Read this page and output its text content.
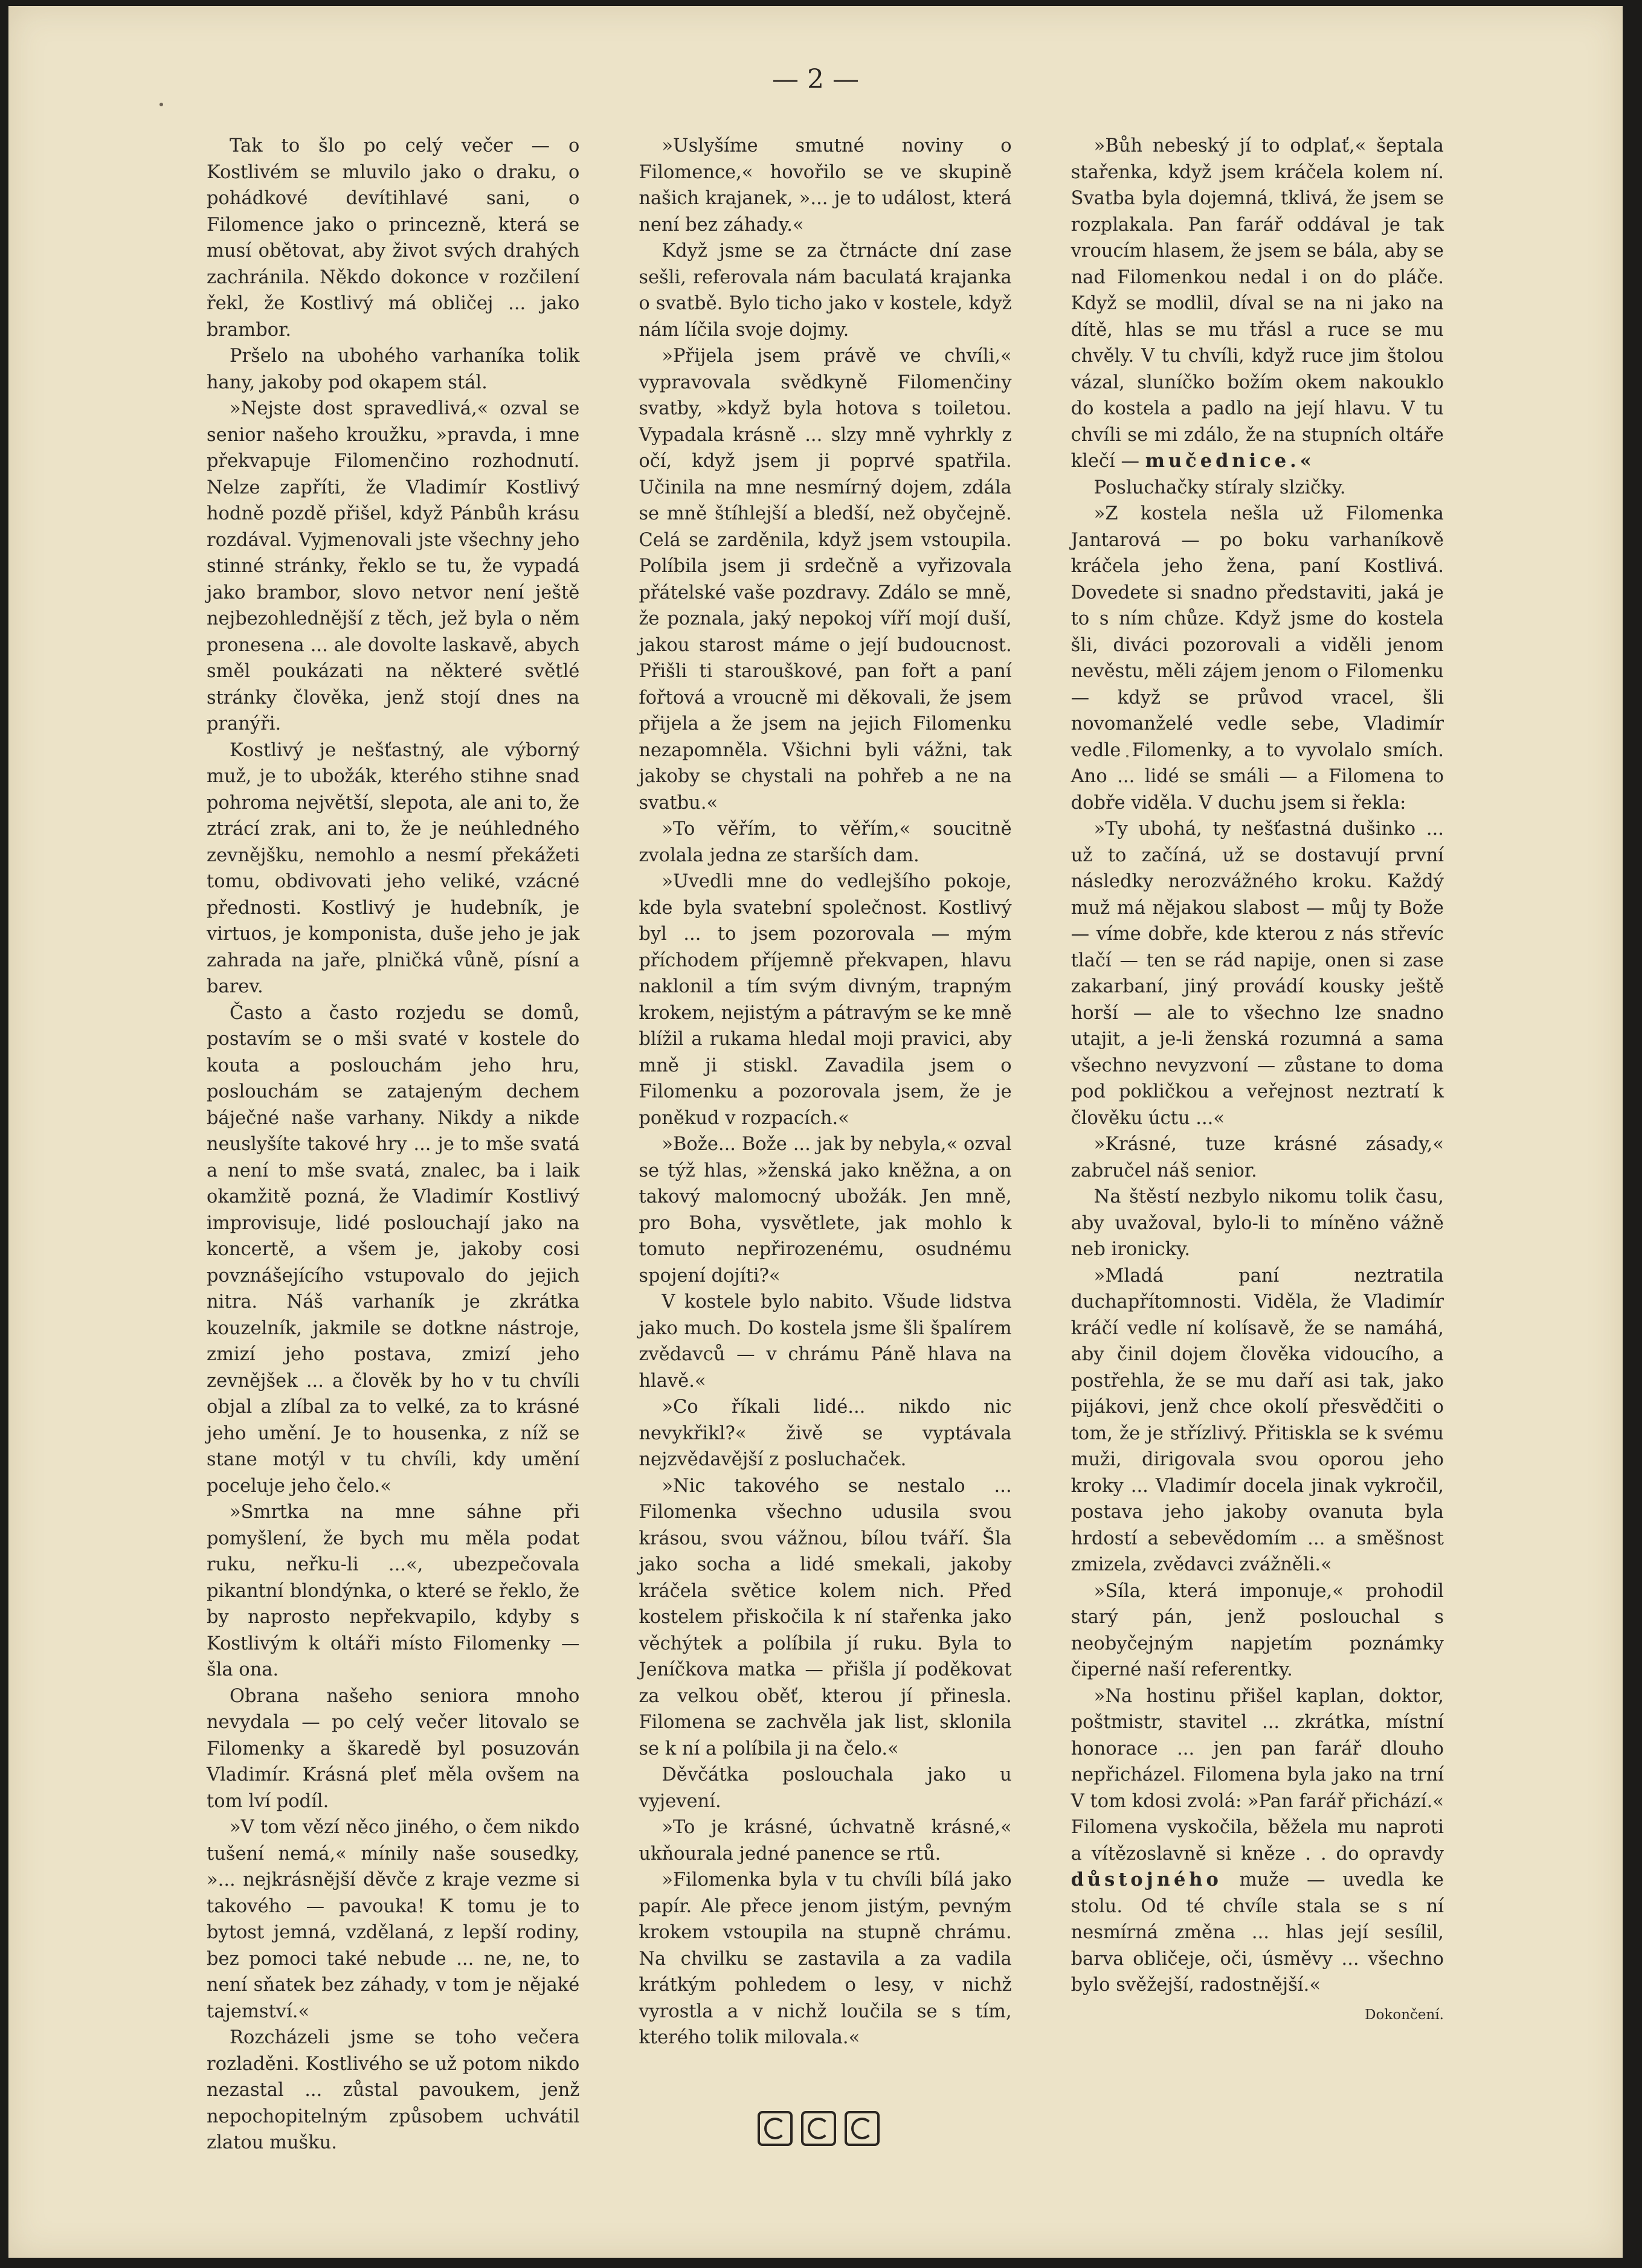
— 2 —

Tak to šlo po celý večer — o Kostlivém se mluvilo jako o draku, o pohádkové devítihlavé sani, o Filomence jako o princezně, která se musí obětovat, aby život svých drahých zachránila. Někdo dokonce v rozčilení řekl, že Kostlivý má obličej ... jako brambor.

Pršelo na ubohého varhaníka tolik hany, jakoby pod okapem stál.

»Nejste dost spravedlivá,« ozval se senior našeho kroužku, »pravda, i mne překvapuje Filomenčino rozhodnutí. Nelze zapříti, že Vladimír Kostlivý hodně pozdě přišel, když Pánbůh krásu rozdával. Vyjmenovali jste všechny jeho stinné stránky, řeklo se tu, že vypadá jako brambor, slovo netvor není ještě nejbezohlednější z těch, jež byla o něm pronesena ... ale dovolte laskavě, abych směl poukázati na některé světlé stránky člověka, jenž stojí dnes na pranýři.

Kostlivý je nešťastný, ale výborný muž, je to ubožák, kterého stihne snad pohroma největší, slepota, ale ani to, že ztrácí zrak, ani to, že je neúhledného zevnějšku, nemohlo a nesmí překážeti tomu, obdivovati jeho veliké, vzácné přednosti. Kostlivý je hudebník, je virtuos, je komponista, duše jeho je jak zahrada na jaře, plničká vůně, písní a barev.

Často a často rozjedu se domů, postavím se o mši svaté v kostele do kouta a poslouchám jeho hru, poslouchám se zatajeným dechem báječné naše varhany. Nikdy a nikde neuslyšíte takové hry ... je to mše svatá a není to mše svatá, znalec, ba i laik okamžitě pozná, že Vladimír Kostlivý improvisuje, lidé poslouchají jako na koncertě, a všem je, jakoby cosi povznášejícího vstupovalo do jejich nitra. Náš varhaník je zkrátka kouzelník, jakmile se dotkne nástroje, zmizí jeho postava, zmizí jeho zevnějšek ... a člověk by ho v tu chvíli objal a zlíbal za to velké, za to krásné jeho umění. Je to housenka, z níž se stane motýl v tu chvíli, kdy umění poceluje jeho čelo.«

»Smrtka na mne sáhne při pomyšlení, že bych mu měla podat ruku, neřku-li ...«, ubezpečovala pikantní blondýnka, o které se řeklo, že by naprosto nepřekvapilo, kdyby s Kostlivým k oltáři místo Filomenky — šla ona.

Obrana našeho seniora mnoho nevydala — po celý večer litovalo se Filomenky a škaredě byl posuzován Vladimír. Krásná pleť měla ovšem na tom lví podíl.

»V tom vězí něco jiného, o čem nikdo tušení nemá,« mínily naše sousedky, »... nejkrásnější děvče z kraje vezme si takového — pavouka! K tomu je to bytost jemná, vzdělaná, z lepší rodiny, bez pomoci také nebude ... ne, ne, to není sňatek bez záhady, v tom je nějaké tajemství.«

Rozcházeli jsme se toho večera rozladěni. Kostlivého se už potom nikdo nezastal ... zůstal pavoukem, jenž nepochopitelným způsobem uchvátil zlatou mušku.

»Uslyšíme smutné noviny o Filomence,« hovořilo se ve skupině našich krajanek, »... je to událost, která není bez záhady.«

Když jsme se za čtrnácte dní zase sešli, referovala nám baculatá krajanka o svatbě. Bylo ticho jako v kostele, když nám líčila svoje dojmy.

»Přijela jsem právě ve chvíli,« vypravovala svědkyně Filomenčiny svatby, »když byla hotova s toiletou. Vypadala krásně ... slzy mně vyhrkly z očí, když jsem ji poprvé spatřila. Učinila na mne nesmírný dojem, zdála se mně štíhlejší a bledší, než obyčejně. Celá se zarděnila, když jsem vstoupila. Políbila jsem ji srdečně a vyřizovala přátelské vaše pozdravy. Zdálo se mně, že poznala, jaký nepokoj víří mojí duší, jakou starost máme o její budoucnost. Přišli ti starouškové, pan fořt a paní fořtová a vroucně mi děkovali, že jsem přijela a že jsem na jejich Filomenku nezapomněla. Všichni byli vážni, tak jakoby se chystali na pohřeb a ne na svatbu.«

»To věřím, to věřím,« soucitně zvolala jedna ze starších dam.

»Uvedli mne do vedlejšího pokoje, kde byla svatební společnost. Kostlivý byl ... to jsem pozorovala — mým příchodem příjemně překvapen, hlavu naklonil a tím svým divným, trapným krokem, nejistým a pátravým se ke mně blížil a rukama hledal moji pravici, aby mně ji stiskl. Zavadila jsem o Filomenku a pozorovala jsem, že je poněkud v rozpacích.«

»Bože... Bože ... jak by nebyla,« ozval se týž hlas, »ženská jako kněžna, a on takový malomocný ubožák. Jen mně, pro Boha, vysvětlete, jak mohlo k tomuto nepřirozenému, osudnému spojení dojíti?«

V kostele bylo nabito. Všude lidstva jako much. Do kostela jsme šli špalírem zvědavců — v chrámu Páně hlava na hlavě.«

»Co říkali lidé... nikdo nic nevykřikl?« živě se vyptávala nejzvědavější z posluchaček.

»Nic takového se nestalo ... Filomenka všechno udusila svou krásou, svou vážnou, bílou tváří. Šla jako socha a lidé smekali, jakoby kráčela světice kolem nich. Před kostelem přiskočila k ní stařenka jako věchýtek a políbila jí ruku. Byla to Jeníčkova matka — přišla jí poděkovat za velkou oběť, kterou jí přinesla. Filomena se zachvěla jak list, sklonila se k ní a políbila ji na čelo.«

Děvčátka poslouchala jako u vyjevení.

»To je krásné, úchvatně krásné,« ukňourala jedné panence se rtů.

»Filomenka byla v tu chvíli bílá jako papír. Ale přece jenom jistým, pevným krokem vstoupila na stupně chrámu. Na chvilku se zastavila a za vadila krátkým pohledem o lesy, v nichž vyrostla a v nichž loučila se s tím, kterého tolik milovala.«

»Bůh nebeský jí to odplať,« šeptala stařenka, když jsem kráčela kolem ní. Svatba byla dojemná, tklivá, že jsem se rozplakala. Pan farář oddával je tak vroucím hlasem, že jsem se bála, aby se nad Filomenkou nedal i on do pláče. Když se modlil, díval se na ni jako na dítě, hlas se mu třásl a ruce se mu chvěly. V tu chvíli, když ruce jim štolou vázal, sluníčko božím okem nakouklo do kostela a padlo na její hlavu. V tu chvíli se mi zdálo, že na stupních oltáře klečí — mučednice.«

Posluchačky stíraly slzičky.

»Z kostela nešla už Filomenka Jantarová — po boku varhaníkově kráčela jeho žena, paní Kostlivá. Dovedete si snadno představiti, jaká je to s ním chůze. Když jsme do kostela šli, diváci pozorovali a viděli jenom nevěstu, měli zájem jenom o Filomenku — když se průvod vracel, šli novomanželé vedle sebe, Vladimír vedle Filomenky, a to vyvolalo smích. Ano ... lidé se smáli — a Filomena to dobře viděla. V duchu jsem si řekla:

»Ty ubohá, ty nešťastná dušinko ... už to začíná, už se dostavují první následky nerozvážného kroku. Každý muž má nějakou slabost — můj ty Bože — víme dobře, kde kterou z nás střevíc tlačí — ten se rád napije, onen si zase zakarbaní, jiný provádí kousky ještě horší — ale to všechno lze snadno utajit, a je-li ženská rozumná a sama všechno nevyzvoní — zůstane to doma pod pokličkou a veřejnost neztratí k člověku úctu ...«

»Krásné, tuze krásné zásady,« zabručel náš senior.

Na štěstí nezbylo nikomu tolik času, aby uvažoval, bylo-li to míněno vážně neb ironicky.

»Mladá paní neztratila duchapřítomnosti. Viděla, že Vladimír kráčí vedle ní kolísavě, že se namáhá, aby činil dojem člověka vidoucího, a postřehla, že se mu daří asi tak, jako pijákovi, jenž chce okolí přesvědčiti o tom, že je střízlivý. Přitiskla se k svému muži, dirigovala svou oporou jeho kroky ... Vladimír docela jinak vykročil, postava jeho jakoby ovanuta byla hrdostí a sebevědomím ... a směšnost zmizela, zvědavci zvážněli.«

»Síla, která imponuje,« prohodil starý pán, jenž poslouchal s neobyčejným napjetím poznámky čiperné naší referentky.

»Na hostinu přišel kaplan, doktor, poštmistr, stavitel ... zkrátka, místní honorace ... jen pan farář dlouho nepřicházel. Filomena byla jako na trní V tom kdosi zvolá: »Pan farář přichází.« Filomena vyskočila, běžela mu naproti a vítězoslavně si kněze . . do opravdy důstojného muže — uvedla ke stolu. Od té chvíle stala se s ní nesmírná změna ... hlas její sesílil, barva obličeje, oči, úsměvy ... všechno bylo svěžejší, radostnější.«

Dokončení.
